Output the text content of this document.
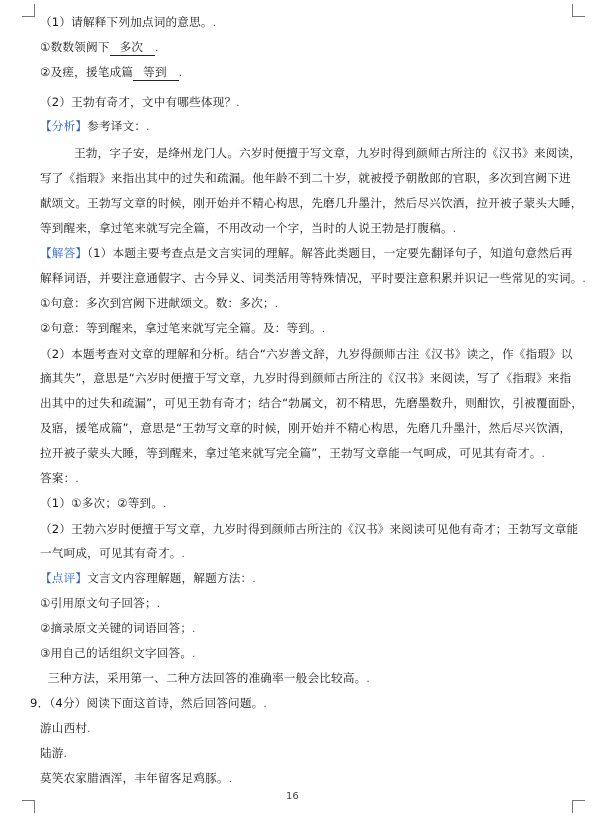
（1）请解释下列加点词的意思。.
①数数领阙下 多次 .
②及瘥，援笔成篇 等到 .
（2）王勃有奇才，文中有哪些体现？.
【分析】参考译文：.
王勃，字子安，是绛州龙门人。六岁时便擅于写文章，九岁时得到颜师古所注的《汉书》来阅读，
写了《指瑕》来指出其中的过失和疏漏。他年龄不到二十岁，就被授予朝散郎的官职，多次到宫阙下进
献颂文。王勃写文章的时候，刚开始并不精心构思，先磨几升墨汁，然后尽兴饮酒，拉开被子蒙头大睡，
等到醒来，拿过笔来就写完全篇，不用改动一个字，当时的人说王勃是打腹稿。.
【解答】（1）本题主要考查点是文言实词的理解。解答此类题目，一定要先翻译句子，知道句意然后再
解释词语，并要注意通假字、古今异义、词类活用等特殊情况，平时要注意积累并识记一些常见的实词。.
①句意：多次到宫阙下进献颂文。数：多次；.
②句意：等到醒来，拿过笔来就写完全篇。及：等到。.
（2）本题考查对文章的理解和分析。结合“六岁善文辞，九岁得颜师古注《汉书》读之，作《指瑕》以
摘其失”，意思是“六岁时便擅于写文章，九岁时得到颜师古所注的《汉书》来阅读，写了《指瑕》来指
出其中的过失和疏漏”，可见王勃有奇才；结合“勃属文，初不精思，先磨墨数升，则酣饮，引被覆面卧，
及寤，援笔成篇”，意思是“王勃写文章的时候，刚开始并不精心构思，先磨几升墨汁，然后尽兴饮酒，
拉开被子蒙头大睡，等到醒来，拿过笔来就写完全篇”，王勃写文章能一气呵成，可见其有奇才。.
答案：.
（1）①多次；②等到。.
（2）王勃六岁时便擅于写文章，九岁时得到颜师古所注的《汉书》来阅读可见他有奇才；王勃写文章能
一气呵成，可见其有奇才。.
【点评】文言文内容理解题，解题方法：.
①引用原文句子回答；.
②摘录原文关键的词语回答；.
③用自己的话组织文字回答。.
三种方法，采用第一、二种方法回答的准确率一般会比较高。.
9．（4分）阅读下面这首诗，然后回答问题。.
游山西村.
陆游.
莫笑农家腊酒浑，丰年留客足鸡豚。.
16
